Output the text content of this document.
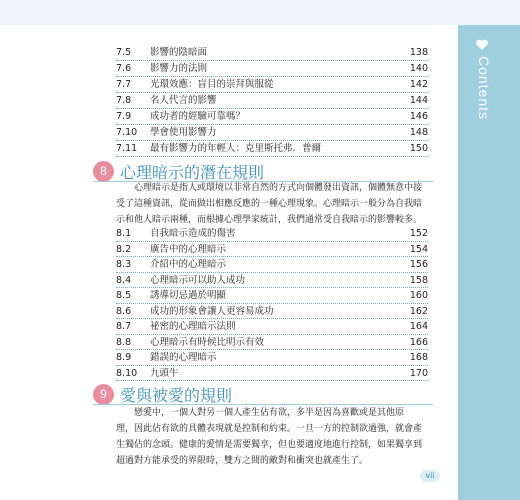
Contents
7.5 影響的陰暗面	138
7.6 影響力的法則	140
7.7 光環效應：盲目的崇拜與服從	142
7.8 名人代言的影響	144
7.9 成功者的經驗可靠嗎？	146
7.10 學會使用影響力	148
7.11 最有影響力的年輕人：克里斯托弗．普爾	150
8 心理暗示的潛在規則
　　心理暗示是指人或環境以非常自然的方式向個體發出資訊，個體無意中接
受了這種資訊，從而做出相應反應的一種心理現象。心理暗示一般分為自我暗
示和他人暗示兩種，而根據心理學家統計，我們通常受自我暗示的影響較多。
8.1 自我暗示造成的傷害	152
8.2 廣告中的心理暗示	154
8.3 介紹中的心理暗示	156
8.4 心理暗示可以助人成功	158
8.5 誘導切忌過於明顯	160
8.6 成功的形象會讓人更容易成功	162
8.7 祕密的心理暗示法則	164
8.8 心理暗示有時候比明示有效	166
8.9 錯誤的心理暗示	168
8.10 九頭牛	170
9 愛與被愛的規則
　　戀愛中，一個人對另一個人產生佔有欲，多半是因為喜歡或是其他原
理，因此佔有欲的具體表現就是控制和約束。一旦一方的控制欲過強，就會產
生獨佔的念頭。健康的愛情是需要獨享，但也要適度地進行控制，如果獨享到
超過對方能承受的界限時，雙方之間的敵對和衝突也就產生了。
vii
